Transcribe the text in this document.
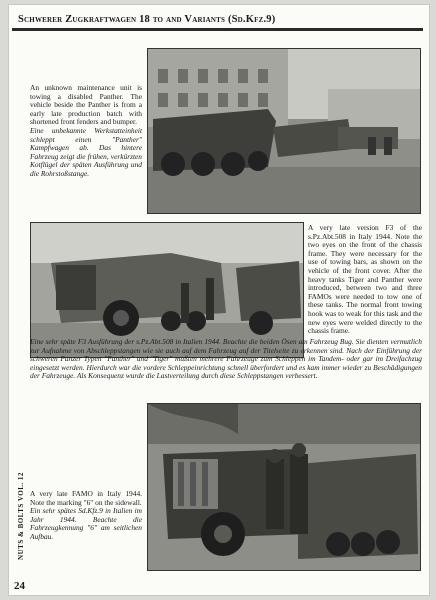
Schwerer Zugkraftwagen 18 to and Variants (Sd.Kfz.9)

An unknown maintenance unit is towing a disabled Panther. The vehicle beside the Panther is from a early late production batch with shortened front fenders and bumper.

Eine unbekannte Werkstatteinheit schleppt einen "Panther" Kampfwagen ab. Das hintere Fahrzeug zeigt die frühen, verkürzten Kotflügel der späten Ausführung und die Rohrstoßstange.

A very late version F3 of the s.Pz.Abt.508 in Italy 1944. Note the two eyes on the front of the chassis frame. They were necessary for the use of towing bars, as shown on the vehicle of the front cover. After the heavy tanks Tiger and Panther were introduced, between two and three FAMOs were needed to tow one of these tanks. The normal front towing hook was to weak for this task and the new eyes were welded directly to the chassis frame.

Eine sehr späte F3 Ausführung der s.Pz.Abt.508 in Italien 1944. Beachte die beiden Ösen am Fahrzeug Bug. Sie dienten vermutlich zur Aufnahme von Abschleppstangen wie sie auch auf dem Fahrzeug auf der Titelseite zu erkennen sind. Nach der Einführung der schweren Panzer Typen "Panther" und "Tiger" mußten mehrere Fahrzeuge zum Schleppen im Tandem- oder gar im Dreifachzug eingesetzt werden. Hierdurch war die vordere Schleppeinrichtung schnell überfordert und es kam immer wieder zu Beschädigungen der Fahrzeuge. Als Konsequenz wurde die Lastverteilung durch diese Schleppstangen verbessert.

A very late FAMO in Italy 1944. Note the marking "6" on the sidewall.

Ein sehr spätes Sd.Kfz.9 in Italien im Jahr 1944. Beachte die Fahrzeugkennung "6" am seitlichen Aufbau.

NUTS & BOLTS VOL. 12
24
